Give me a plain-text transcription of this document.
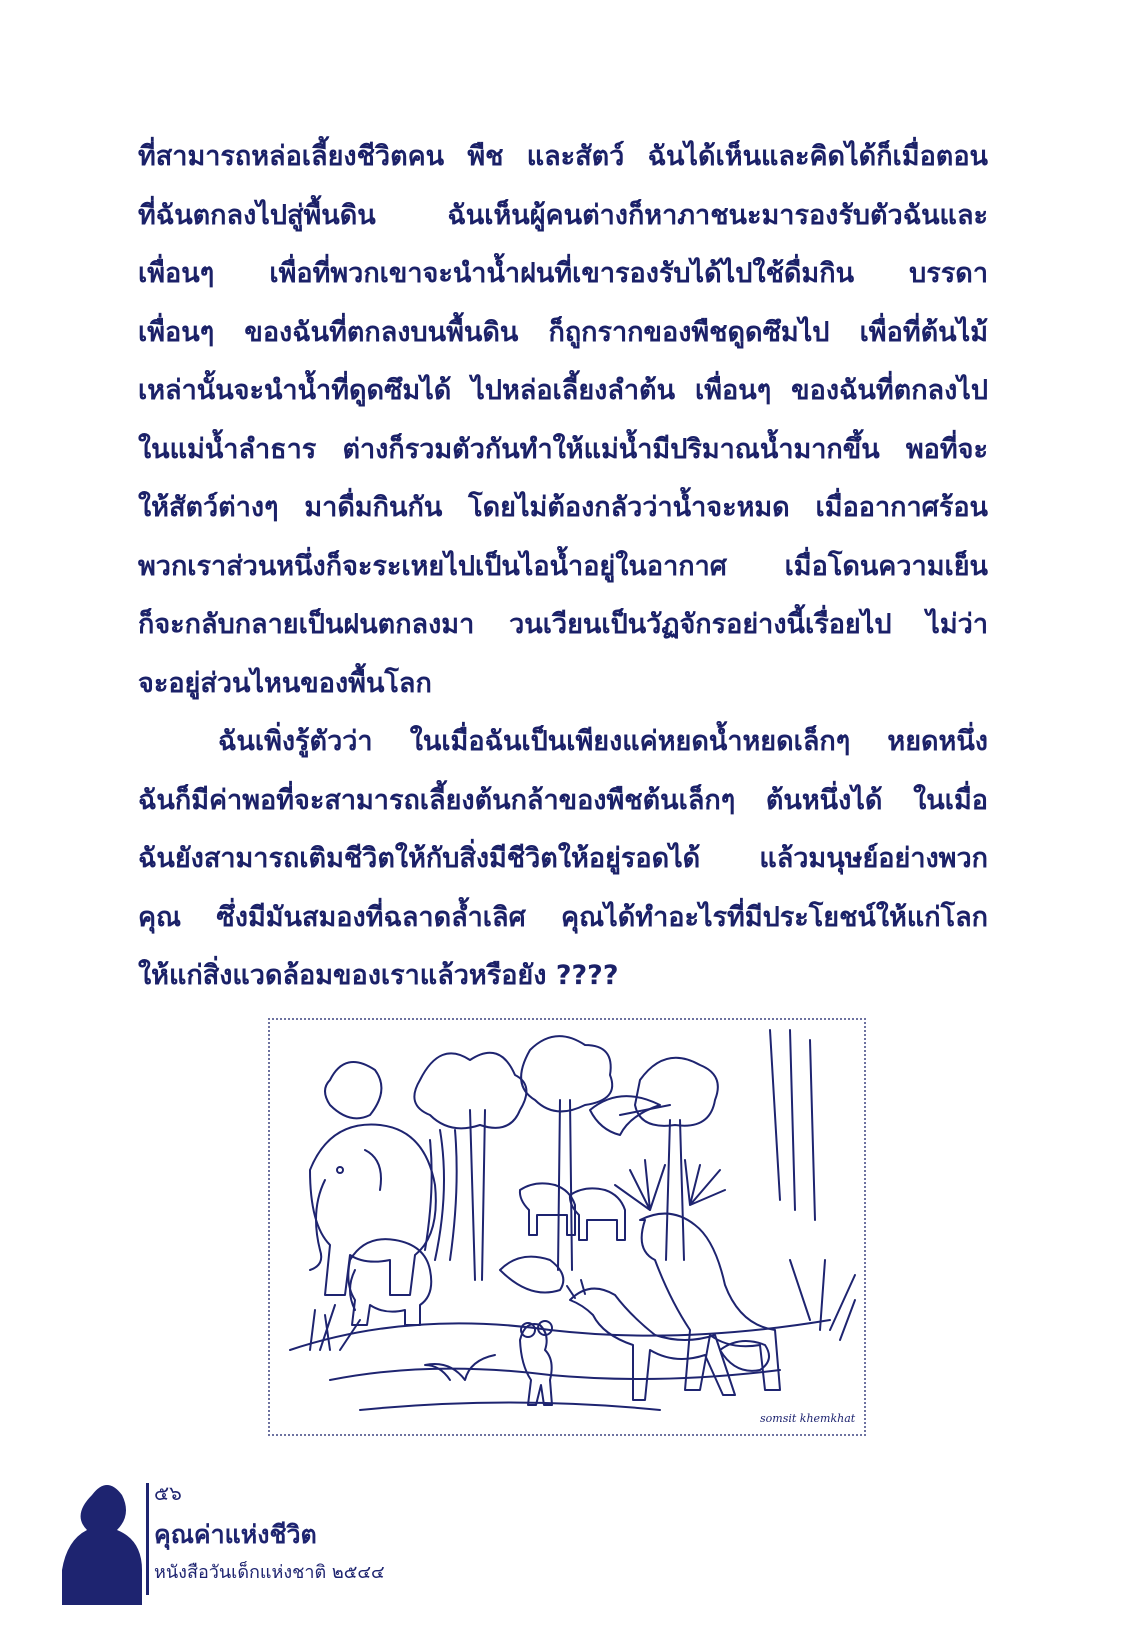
ที่สามารถหล่อเลี้ยงชีวิตคน พืช และสัตว์ ฉันได้เห็นและคิดได้ก็เมื่อตอน
ที่ฉันตกลงไปสู่พื้นดิน ฉันเห็นผู้คนต่างก็หาภาชนะมารองรับตัวฉันและ
เพื่อนๆ เพื่อที่พวกเขาจะนำน้ำฝนที่เขารองรับได้ไปใช้ดื่มกิน บรรดา
เพื่อนๆ ของฉันที่ตกลงบนพื้นดิน ก็ถูกรากของพืชดูดซึมไป เพื่อที่ต้นไม้
เหล่านั้นจะนำน้ำที่ดูดซึมได้ ไปหล่อเลี้ยงลำต้น เพื่อนๆ ของฉันที่ตกลงไป
ในแม่น้ำลำธาร ต่างก็รวมตัวกันทำให้แม่น้ำมีปริมาณน้ำมากขึ้น พอที่จะ
ให้สัตว์ต่างๆ มาดื่มกินกัน โดยไม่ต้องกลัวว่าน้ำจะหมด เมื่ออากาศร้อน
พวกเราส่วนหนึ่งก็จะระเหยไปเป็นไอน้ำอยู่ในอากาศ เมื่อโดนความเย็น
ก็จะกลับกลายเป็นฝนตกลงมา วนเวียนเป็นวัฏจักรอย่างนี้เรื่อยไป ไม่ว่า
จะอยู่ส่วนไหนของพื้นโลก
ฉันเพิ่งรู้ตัวว่า ในเมื่อฉันเป็นเพียงแค่หยดน้ำหยดเล็กๆ หยดหนึ่ง
ฉันก็มีค่าพอที่จะสามารถเลี้ยงต้นกล้าของพืชต้นเล็กๆ ต้นหนึ่งได้ ในเมื่อ
ฉันยังสามารถเติมชีวิตให้กับสิ่งมีชีวิตให้อยู่รอดได้ แล้วมนุษย์อย่างพวก
คุณ ซึ่งมีมันสมองที่ฉลาดล้ำเลิศ คุณได้ทำอะไรที่มีประโยชน์ให้แก่โลก
ให้แก่สิ่งแวดล้อมของเราแล้วหรือยัง ????
somsit khemkhat
๕๖
คุณค่าแห่งชีวิต
หนังสือวันเด็กแห่งชาติ ๒๕๔๔
